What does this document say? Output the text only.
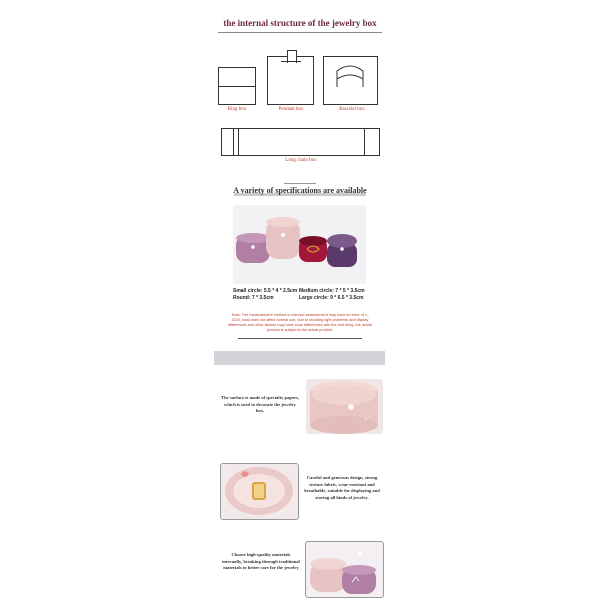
the internal structure of the jewelry box
Ring box	Pendant box	Bracelet box
Long chain box
A variety of specifications are available
Small circle: 5.5 * 4 * 2.5cm
Round: 7 * 3.5cm
Medium circle: 7 * 5 * 3.5cm
Large circle: 9 * 6.5 * 3.5cm
Note: The measurement method is manual measurement may have an error of 1-3CM, local does not affect normal use, due to shooting light problems and display differences and other factors may have color differences with the real thing, the actual product is subject to the actual product.
The surface is made of specialty papers, which is used to decorate the jewelry box.
Careful and generous design, strong texture fabric, wear-resistant and breathable, suitable for displaying and storing all kinds of jewelry.
Choose high-quality materials internally, breaking through traditional materials to better care for the jewelry
